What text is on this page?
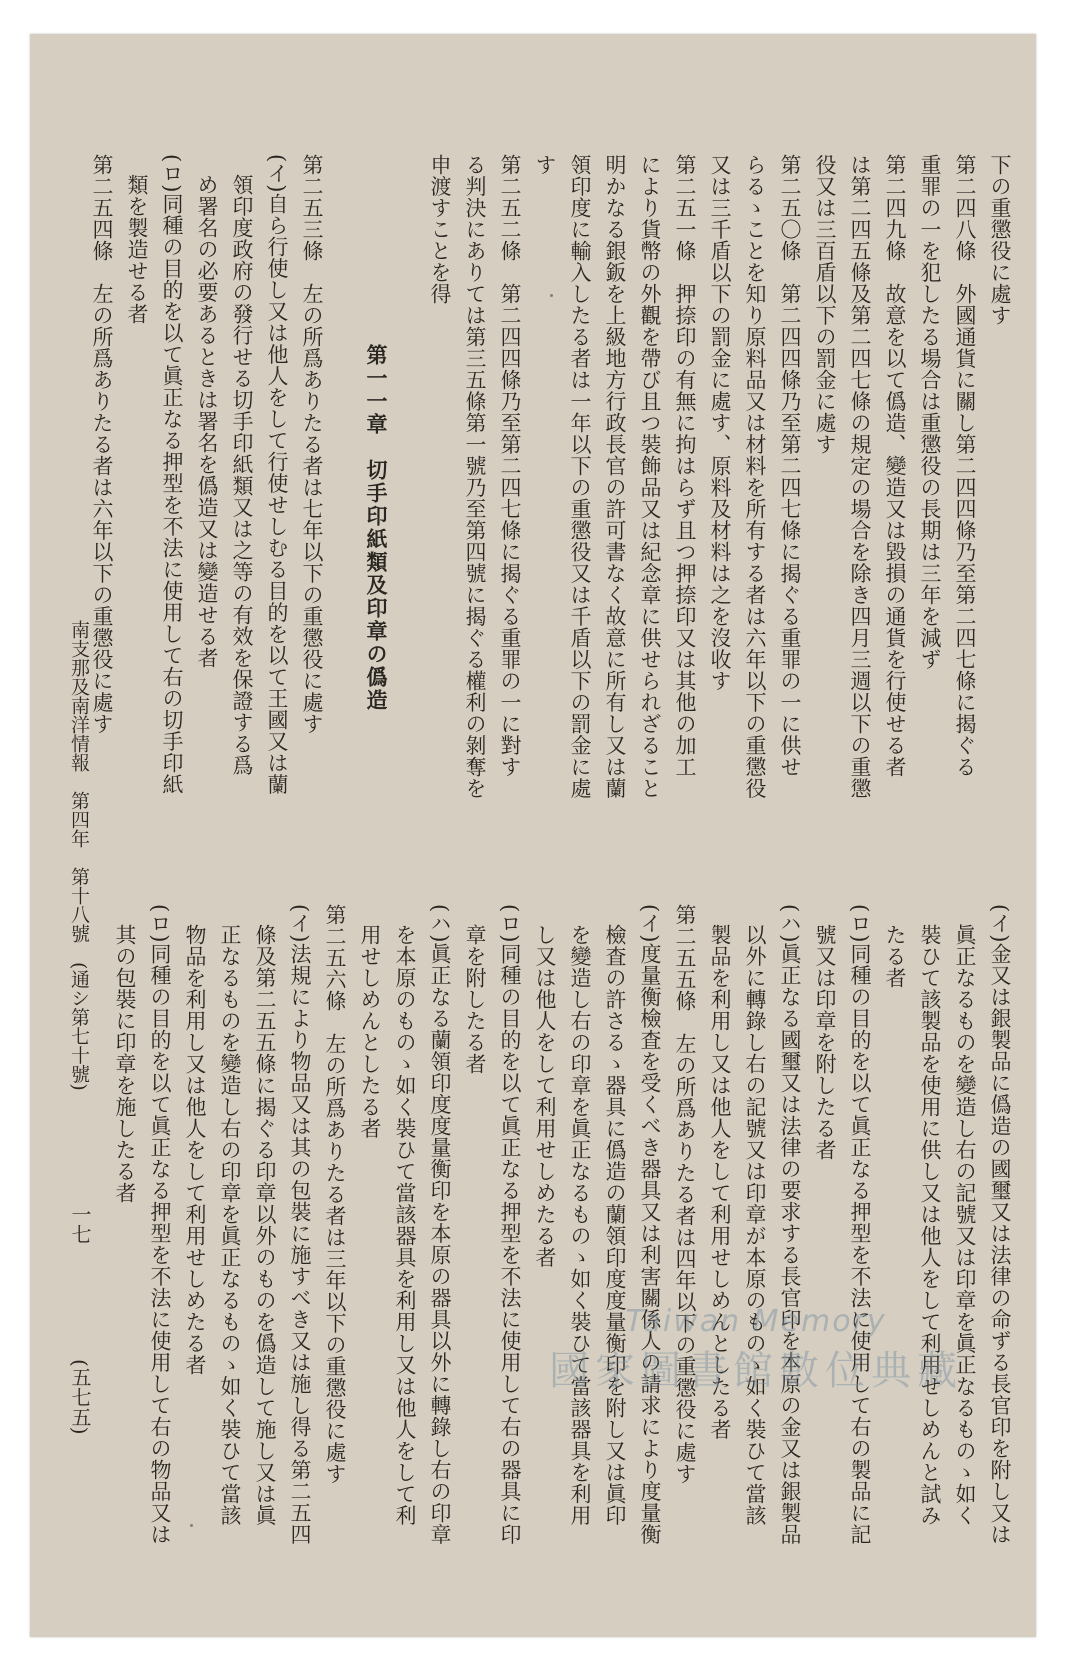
下の重懲役に處す
第二四八條　外國通貨に關し第二四四條乃至第二四七條に揭ぐる
重罪の一を犯したる場合は重懲役の長期は三年を減ず
第二四九條　故意を以て僞造、變造又は毀損の通貨を行使せる者
は第二四五條及第二四七條の規定の場合を除き四月三週以下の重懲
役又は三百盾以下の罰金に處す
第二五〇條　第二四四條乃至第二四七條に揭ぐる重罪の一に供せ
らるゝことを知り原料品又は材料を所有する者は六年以下の重懲役
又は三千盾以下の罰金に處す、原料及材料は之を沒收す
第二五一條　押捺印の有無に拘はらず且つ押捺印又は其他の加工
により貨幣の外觀を帶び且つ裝飾品又は紀念章に供せられざること
明かなる銀鈑を上級地方行政長官の許可書なく故意に所有し又は蘭
領印度に輸入したる者は一年以下の重懲役又は千盾以下の罰金に處
す
第二五二條　第二四四條乃至第二四七條に揭ぐる重罪の一に對す
る判決にありては第三五條第一號乃至第四號に揭ぐる權利の剝奪を
申渡すことを得
第一一章　切手印紙類及印章の僞造
第二五三條　左の所爲ありたる者は七年以下の重懲役に處す
(イ)自ら行使し又は他人をして行使せしむる目的を以て王國又は蘭
領印度政府の發行せる切手印紙類又は之等の有效を保證する爲
め署名の必要あるときは署名を僞造又は變造せる者
(ロ)同種の目的を以て眞正なる押型を不法に使用して右の切手印紙
類を製造せる者
第二五四條　左の所爲ありたる者は六年以下の重懲役に處す
(イ)金又は銀製品に僞造の國璽又は法律の命ずる長官印を附し又は
眞正なるものを變造し右の記號又は印章を眞正なるものゝ如く
裝ひて該製品を使用に供し又は他人をして利用せしめんと試み
たる者
(ロ)同種の目的を以て眞正なる押型を不法に使用して右の製品に記
號又は印章を附したる者
(ハ)眞正なる國璽又は法律の要求する長官印を本原の金又は銀製品
以外に轉錄し右の記號又は印章が本原のものゝ如く裝ひて當該
製品を利用し又は他人をして利用せしめんとしたる者
第二五五條　左の所爲ありたる者は四年以下の重懲役に處す
(イ)度量衡檢査を受くべき器具又は利害關係人の請求により度量衡
檢査の許さるゝ器具に僞造の蘭領印度度量衡印を附し又は眞印
を變造し右の印章を眞正なるものゝ如く裝ひて當該器具を利用
し又は他人をして利用せしめたる者
(ロ)同種の目的を以て眞正なる押型を不法に使用して右の器具に印
章を附したる者
(ハ)眞正なる蘭領印度度量衡印を本原の器具以外に轉錄し右の印章
を本原のものゝ如く裝ひて當該器具を利用し又は他人をして利
用せしめんとしたる者
第二五六條　左の所爲ありたる者は三年以下の重懲役に處す
(イ)法規により物品又は其の包裝に施すべき又は施し得る第二五四
條及第二五五條に揭ぐる印章以外のものを僞造して施し又は眞
正なるものを變造し右の印章を眞正なるものゝ如く裝ひて當該
物品を利用し又は他人をして利用せしめたる者
(ロ)同種の目的を以て眞正なる押型を不法に使用して右の物品又は
其の包裝に印章を施したる者
南支那及南洋情報　第四年　第十八號　(通シ第七十號)
一七
(五七五)
Taiwan Memory
國家圖書館數位典藏
